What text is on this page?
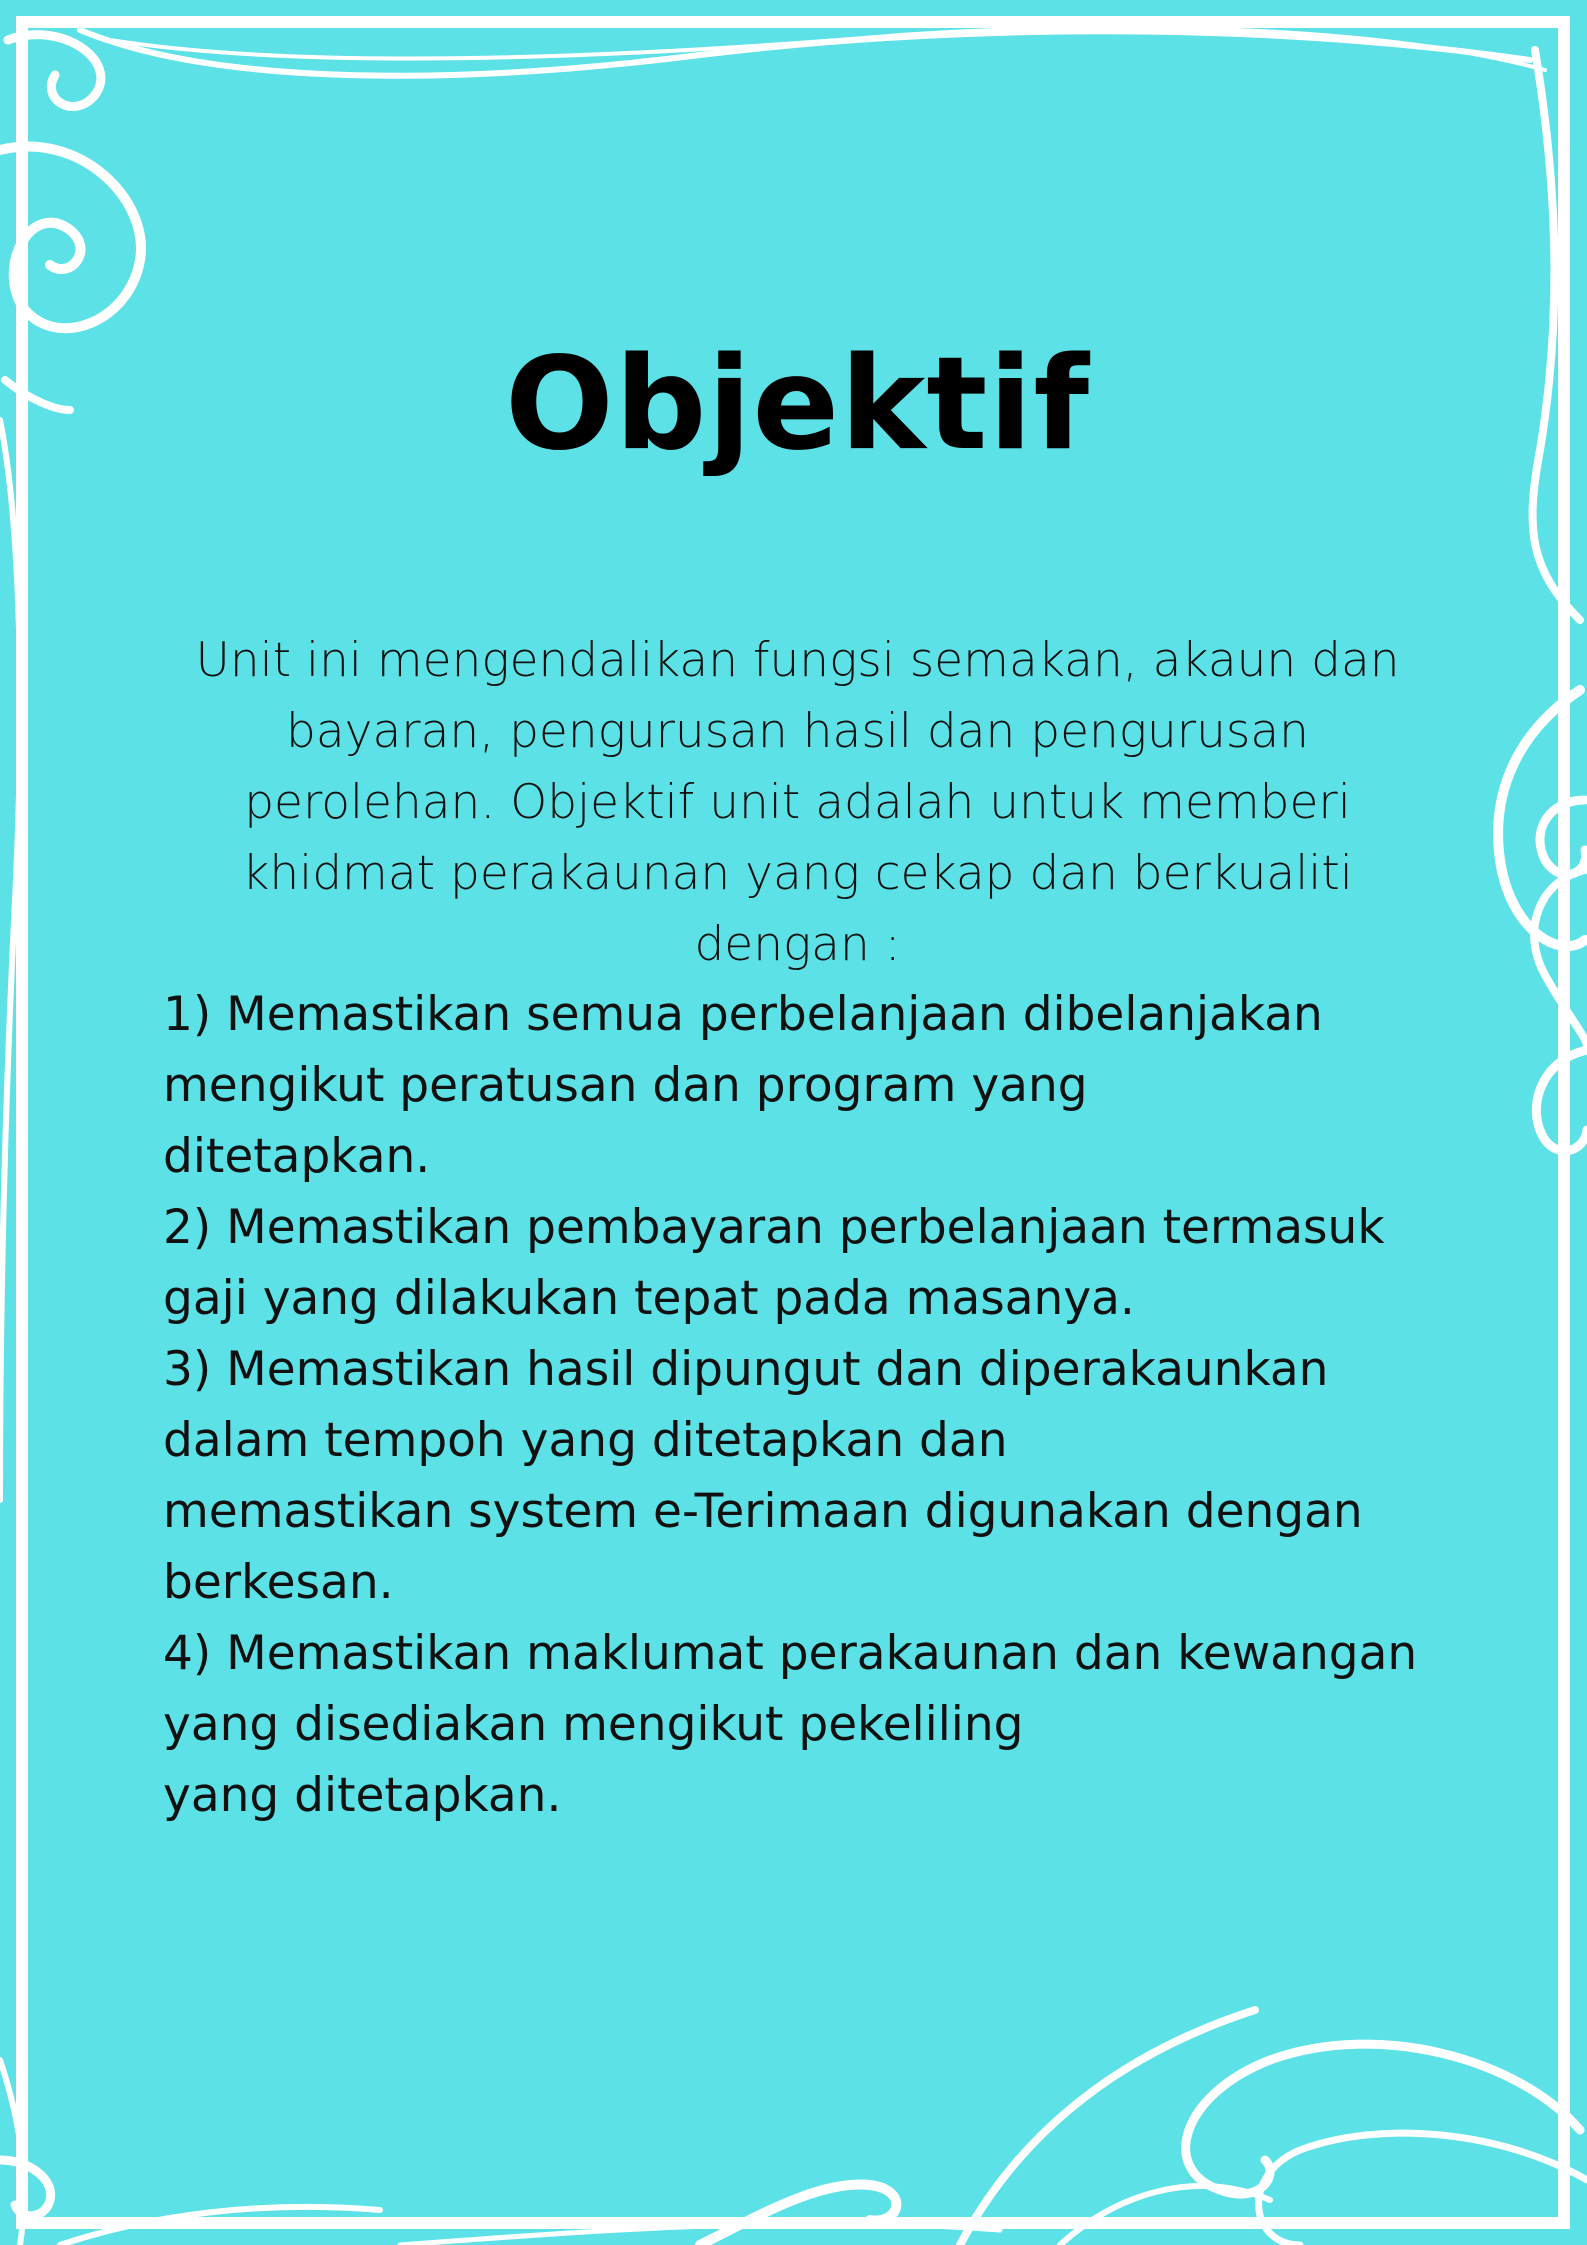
Objektif
Unit ini mengendalikan fungsi semakan, akaun dan
bayaran, pengurusan hasil dan pengurusan
perolehan. Objektif unit adalah untuk memberi
khidmat perakaunan yang cekap dan berkualiti
dengan :
1) Memastikan semua perbelanjaan dibelanjakan
mengikut peratusan dan program yang
ditetapkan.
2) Memastikan pembayaran perbelanjaan termasuk
gaji yang dilakukan tepat pada masanya.
3) Memastikan hasil dipungut dan diperakaunkan
dalam tempoh yang ditetapkan dan
memastikan system e-Terimaan digunakan dengan
berkesan.
4) Memastikan maklumat perakaunan dan kewangan
yang disediakan mengikut pekeliling
yang ditetapkan.
